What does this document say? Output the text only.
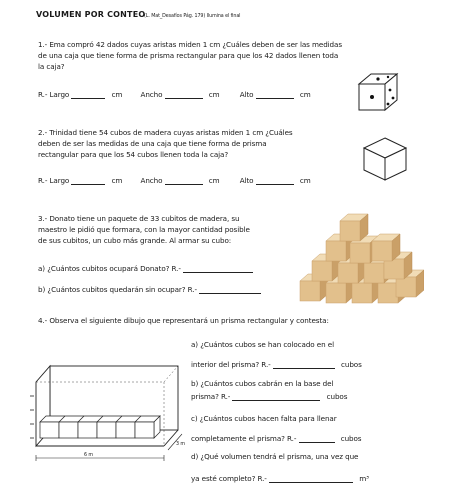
VOLUMEN POR CONTEO
(L. Mat_Desafíos Pág. 179) Ilumina el final
1.- Ema compró 42 dados cuyas aristas miden 1 cm ¿Cuáles deben de ser las medidas
de una caja que tiene forma de prisma rectangular para que los 42 dados llenen toda
la caja?
R.- Largo	cm	Ancho	cm	Alto	cm
2.- Trinidad tiene 54 cubos de madera cuyas aristas miden 1 cm ¿Cuáles
deben de ser las medidas de una caja que tiene forma de prisma
rectangular para que los 54 cubos llenen toda la caja?
R.- Largo	cm	Ancho	cm	Alto	cm
3.- Donato tiene un paquete de 33 cubitos de madera, su
maestro le pidió que formara, con la mayor cantidad posible
de sus cubitos, un cubo más grande. Al armar su cubo:
a) ¿Cuántos cubitos ocupará Donato? R.-
b) ¿Cuántos cubitos quedarán sin ocupar? R.-
4.- Observa el siguiente dibujo que representará un prisma rectangular y contesta:
a) ¿Cuántos cubos se han colocado en el
interior del prisma? R.-	cubos
b) ¿Cuántos cubos cabrán en la base del
prisma? R.-	cubos
c) ¿Cuántos cubos hacen falta para llenar
completamente el prisma? R.-	cubos
d) ¿Qué volumen tendrá el prisma, una vez que
ya esté completo? R.-	m³
6 m
3 m
